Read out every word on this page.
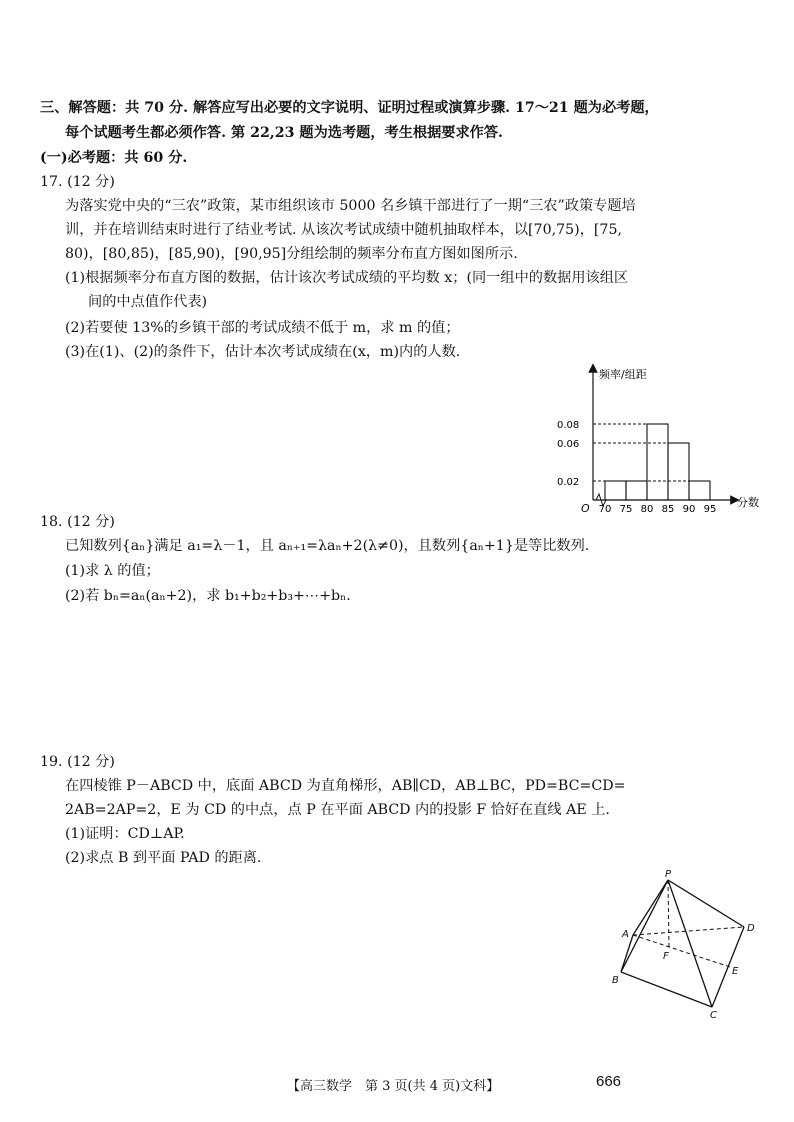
三、解答题：共 70 分. 解答应写出必要的文字说明、证明过程或演算步骤. 17～21 题为必考题，
每个试题考生都必须作答. 第 22,23 题为选考题，考生根据要求作答.
(一)必考题：共 60 分.
17. (12 分)
为落实党中央的“三农”政策，某市组织该市 5000 名乡镇干部进行了一期“三农”政策专题培
训，并在培训结束时进行了结业考试. 从该次考试成绩中随机抽取样本，以[70,75)，[75,
80)，[80,85)，[85,90)，[90,95]分组绘制的频率分布直方图如图所示.
(1)根据频率分布直方图的数据，估计该次考试成绩的平均数 x；(同一组中的数据用该组区
间的中点值作代表)
(2)若要使 13%的乡镇干部的考试成绩不低于 m，求 m 的值；
(3)在(1)、(2)的条件下，估计本次考试成绩在(x，m)内的人数.
频率/组距
分数
O
0.02
0.06
0.08
70 75 80 85 90 95
18. (12 分)
已知数列{aₙ}满足 a₁=λ－1，且 aₙ₊₁=λaₙ+2(λ≠0)，且数列{aₙ+1}是等比数列.
(1)求 λ 的值；
(2)若 bₙ=aₙ(aₙ+2)，求 b₁+b₂+b₃+⋯+bₙ.
19. (12 分)
在四棱锥 P－ABCD 中，底面 ABCD 为直角梯形，AB∥CD，AB⊥BC，PD=BC=CD=
2AB=2AP=2，E 为 CD 的中点，点 P 在平面 ABCD 内的投影 F 恰好在直线 AE 上.
(1)证明：CD⊥AP.
(2)求点 B 到平面 PAD 的距离.
P
A
B
C
D
E
F
【高三数学　第 3 页(共 4 页)文科】	666
